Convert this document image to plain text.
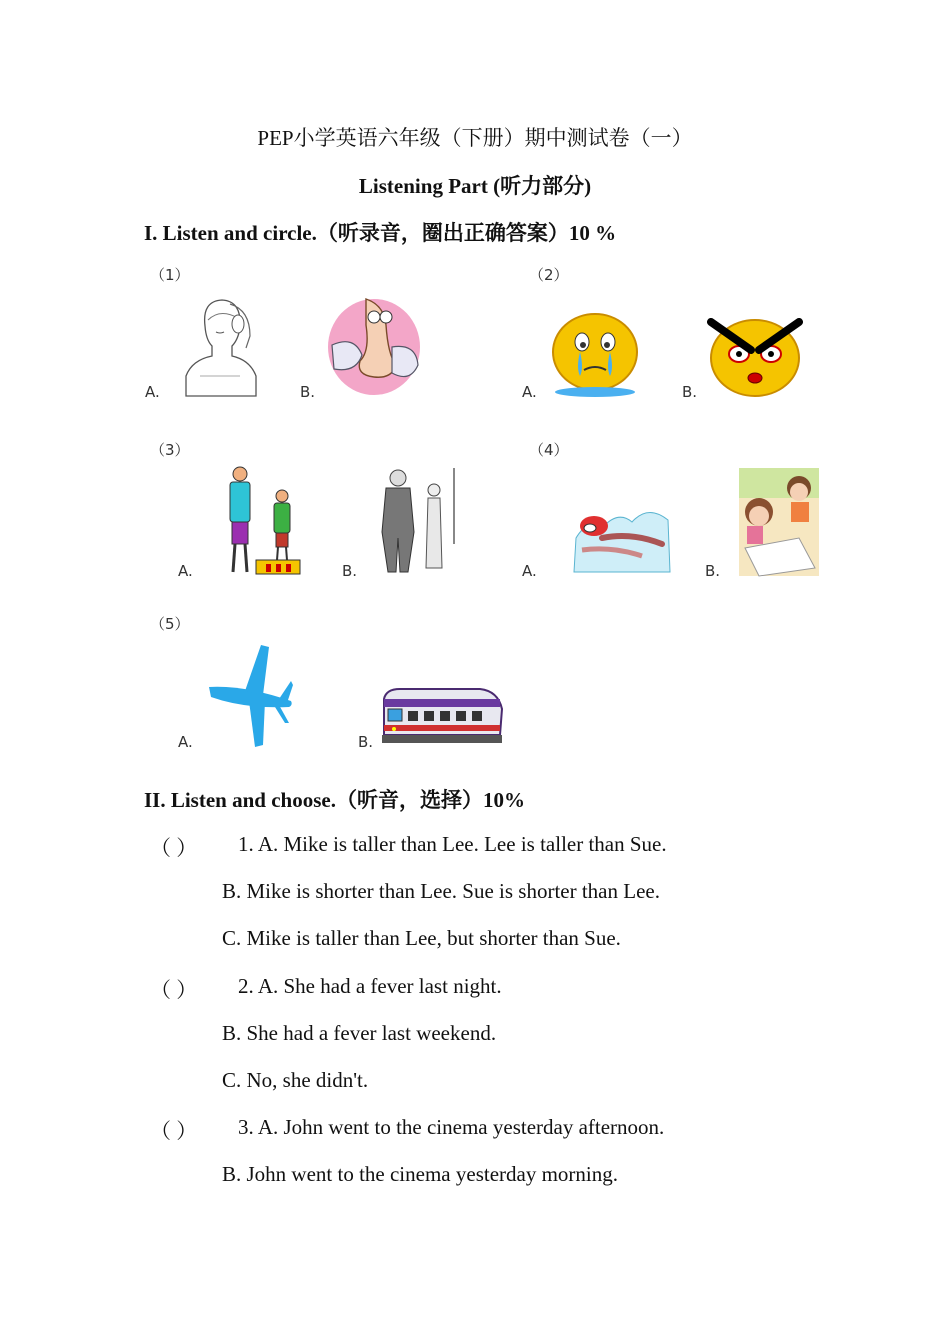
PEP小学英语六年级（下册）期中测试卷（一）
Listening Part (听力部分)
I. Listen and circle.（听录音，圈出正确答案）10 %
（1）
A.	B.
（2）
A.	B.
（3）
A.	B.
（4）
A.	B.
（5）
A.	B.
II. Listen and choose.（听音，选择）10%
（ ） 1. A. Mike is taller than Lee. Lee is taller than Sue.
B. Mike is shorter than Lee. Sue is shorter than Lee.
C. Mike is taller than Lee, but shorter than Sue.
（ ） 2. A. She had a fever last night.
B. She had a fever last weekend.
C. No, she didn't.
（ ） 3. A. John went to the cinema yesterday afternoon.
B. John went to the cinema yesterday morning.
